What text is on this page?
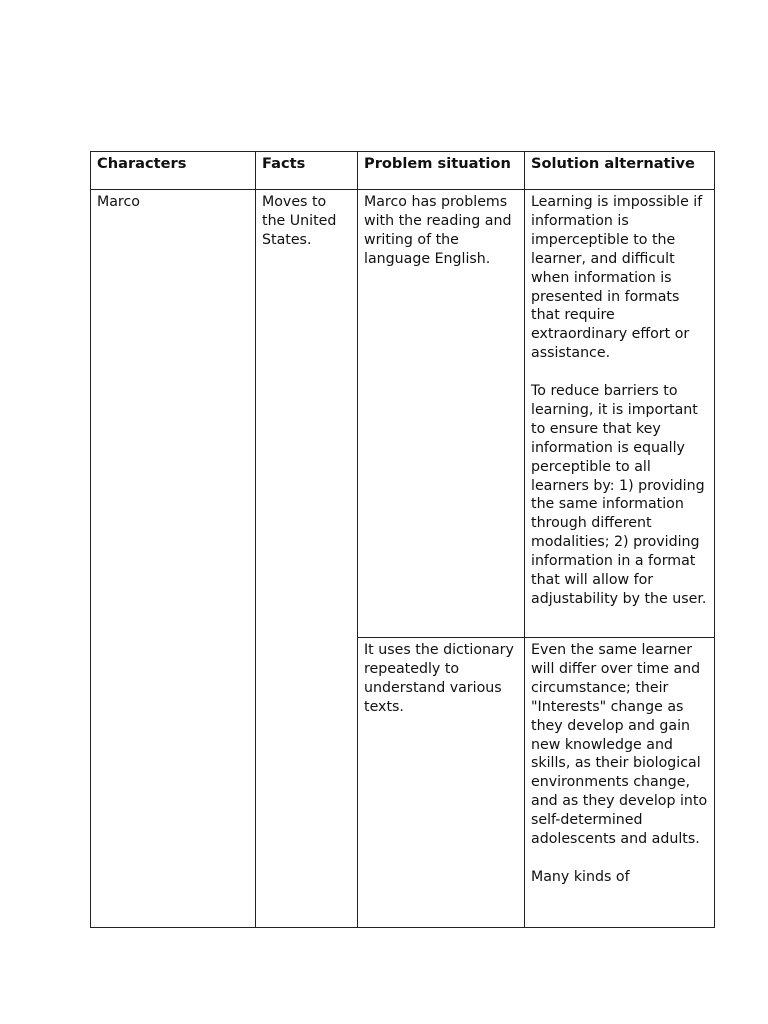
Characters	Facts	Problem situation	Solution alternative
Marco	Moves to the United States.	Marco has problems with the reading and writing of the language English.	Learning is impossible if information is imperceptible to the learner, and difficult when information is presented in formats that require extraordinary effort or assistance.

To reduce barriers to learning, it is important to ensure that key information is equally perceptible to all learners by: 1) providing the same information through different modalities; 2) providing information in a format that will allow for adjustability by the user.

		It uses the dictionary repeatedly to understand various texts.	Even the same learner will differ over time and circumstance; their "Interests" change as they develop and gain new knowledge and skills, as their biological environments change, and as they develop into self-determined adolescents and adults.

Many kinds of
